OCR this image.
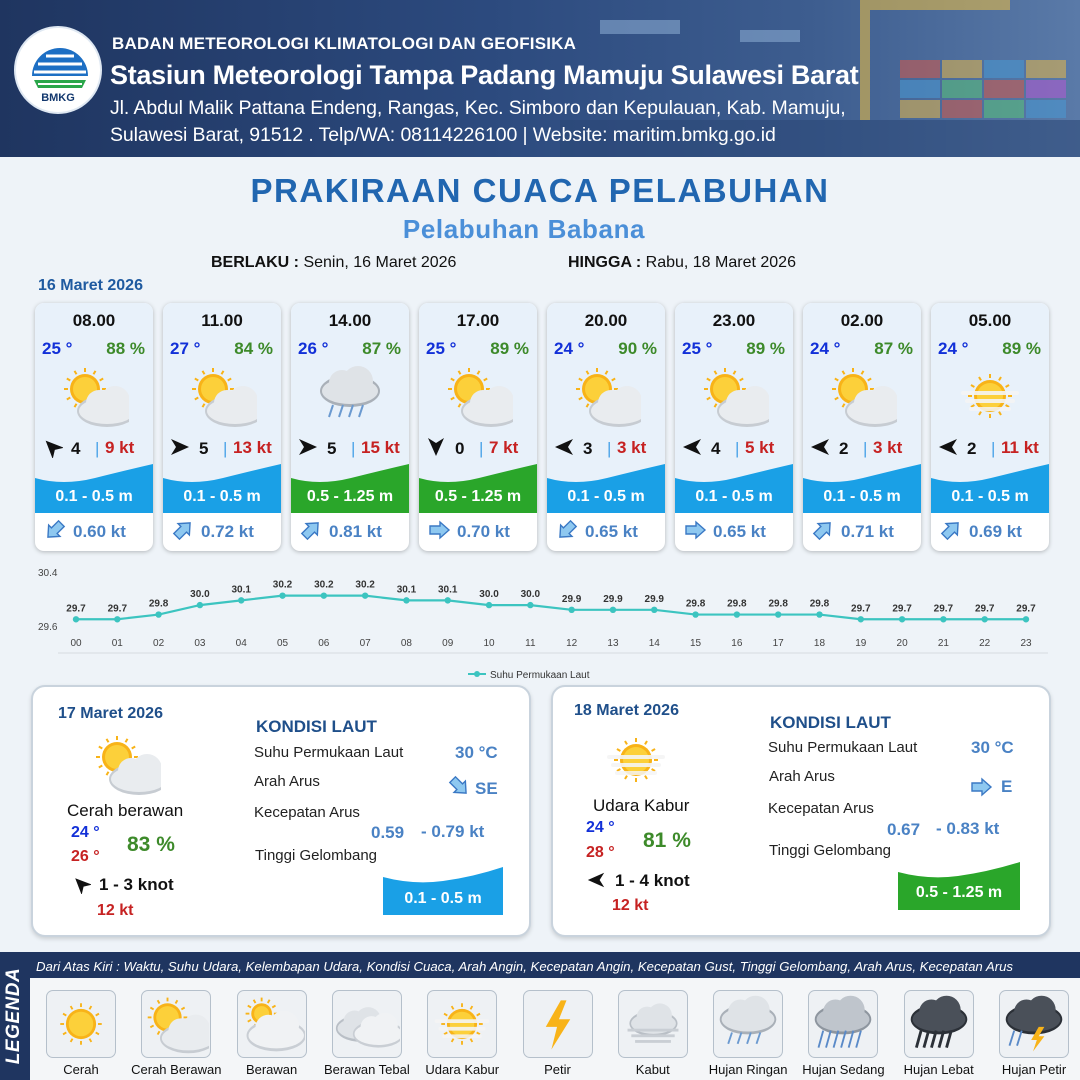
BMKG
BADAN METEOROLOGI KLIMATOLOGI DAN GEOFISIKA
Stasiun Meteorologi Tampa Padang Mamuju Sulawesi Barat
Jl. Abdul Malik Pattana Endeng, Rangas, Kec. Simboro dan Kepulauan, Kab. Mamuju,
Sulawesi Barat, 91512 . Telp/WA: 08114226100 | Website: maritim.bmkg.go.id
PRAKIRAAN CUACA PELABUHAN
Pelabuhan Babana
BERLAKU : Senin, 16 Maret 2026	HINGGA : Rabu, 18 Maret 2026
16 Maret 2026
08.00
25 ° 88 %
4 | 9 kt
0.1 - 0.5 m
0.60 kt
11.00
27 ° 84 %
5 | 13 kt
0.1 - 0.5 m
0.72 kt
14.00
26 ° 87 %
5 | 15 kt
0.5 - 1.25 m
0.81 kt
17.00
25 ° 89 %
0 | 7 kt
0.5 - 1.25 m
0.70 kt
20.00
24 ° 90 %
3 | 3 kt
0.1 - 0.5 m
0.65 kt
23.00
25 ° 89 %
4 | 5 kt
0.1 - 0.5 m
0.65 kt
02.00
24 ° 87 %
2 | 3 kt
0.1 - 0.5 m
0.71 kt
05.00
24 ° 89 %
2 | 11 kt
0.1 - 0.5 m
0.69 kt
30.4
29.6
29.7
00
29.7
01
29.8
02
30.0
03
30.1
04
30.2
05
30.2
06
30.2
07
30.1
08
30.1
09
30.0
10
30.0
11
29.9
12
29.9
13
29.9
14
29.8
15
29.8
16
29.8
17
29.8
18
29.7
19
29.7
20
29.7
21
29.7
22
29.7
23
Suhu Permukaan Laut
17 Maret 2026
Cerah berawan
24 °
26 °
83 %
1 - 3 knot
12 kt
KONDISI LAUT
Suhu Permukaan Laut	30 °C
Arah Arus	SE
Kecepatan Arus
0.59 - 0.79 kt
Tinggi Gelombang
0.1 - 0.5 m
18 Maret 2026
Udara Kabur
24 °
28 °
81 %
1 - 4 knot
12 kt
KONDISI LAUT
Suhu Permukaan Laut	30 °C
Arah Arus
E
Kecepatan Arus
0.67 - 0.83 kt
Tinggi Gelombang
0.5 - 1.25 m
LEGENDA
Dari Atas Kiri : Waktu, Suhu Udara, Kelembapan Udara, Kondisi Cuaca, Arah Angin, Kecepatan Angin, Kecepatan Gust, Tinggi Gelombang, Arah Arus, Kecepatan Arus
Cerah	Cerah Berawan	Berawan	Berawan Tebal	Udara Kabur	Petir	Kabut	Hujan Ringan	Hujan Sedang	Hujan Lebat	Hujan Petir
